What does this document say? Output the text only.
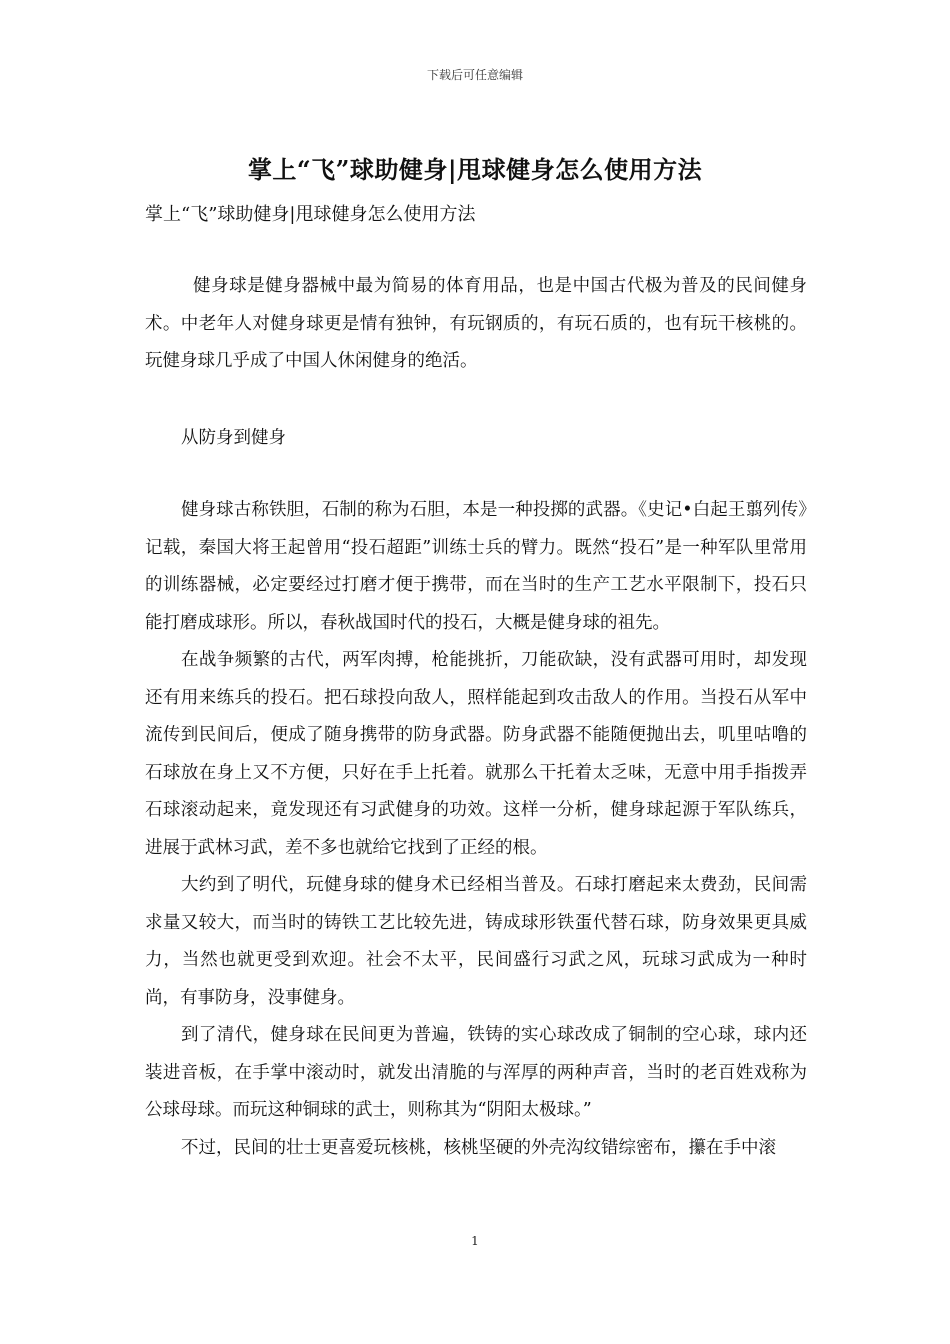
下载后可任意编辑
掌上“飞”球助健身|甩球健身怎么使用方法
掌上“飞”球助健身|甩球健身怎么使用方法
健身球是健身器械中最为简易的体育用品，也是中国古代极为普及的民间健身术。中老年人对健身球更是情有独钟，有玩钢质的，有玩石质的，也有玩干核桃的。玩健身球几乎成了中国人休闲健身的绝活。
从防身到健身

健身球古称铁胆，石制的称为石胆，本是一种投掷的武器。《史记•白起王翦列传》记载，秦国大将王起曾用“投石超距”训练士兵的臂力。既然“投石”是一种军队里常用的训练器械，必定要经过打磨才便于携带，而在当时的生产工艺水平限制下，投石只能打磨成球形。所以，春秋战国时代的投石，大概是健身球的祖先。

在战争频繁的古代，两军肉搏，枪能挑折，刀能砍缺，没有武器可用时，却发现还有用来练兵的投石。把石球投向敌人，照样能起到攻击敌人的作用。当投石从军中流传到民间后，便成了随身携带的防身武器。防身武器不能随便抛出去，叽里咕噜的石球放在身上又不方便，只好在手上托着。就那么干托着太乏味，无意中用手指拨弄石球滚动起来，竟发现还有习武健身的功效。这样一分析，健身球起源于军队练兵，进展于武林习武，差不多也就给它找到了正经的根。

大约到了明代，玩健身球的健身术已经相当普及。石球打磨起来太费劲，民间需求量又较大，而当时的铸铁工艺比较先进，铸成球形铁蛋代替石球，防身效果更具威力，当然也就更受到欢迎。社会不太平，民间盛行习武之风，玩球习武成为一种时尚，有事防身，没事健身。

到了清代，健身球在民间更为普遍，铁铸的实心球改成了铜制的空心球，球内还装进音板，在手掌中滚动时，就发出清脆的与浑厚的两种声音，当时的老百姓戏称为公球母球。而玩这种铜球的武士，则称其为“阴阳太极球。”

不过，民间的壮士更喜爱玩核桃，核桃坚硬的外壳沟纹错综密布，攥在手中滚

1
